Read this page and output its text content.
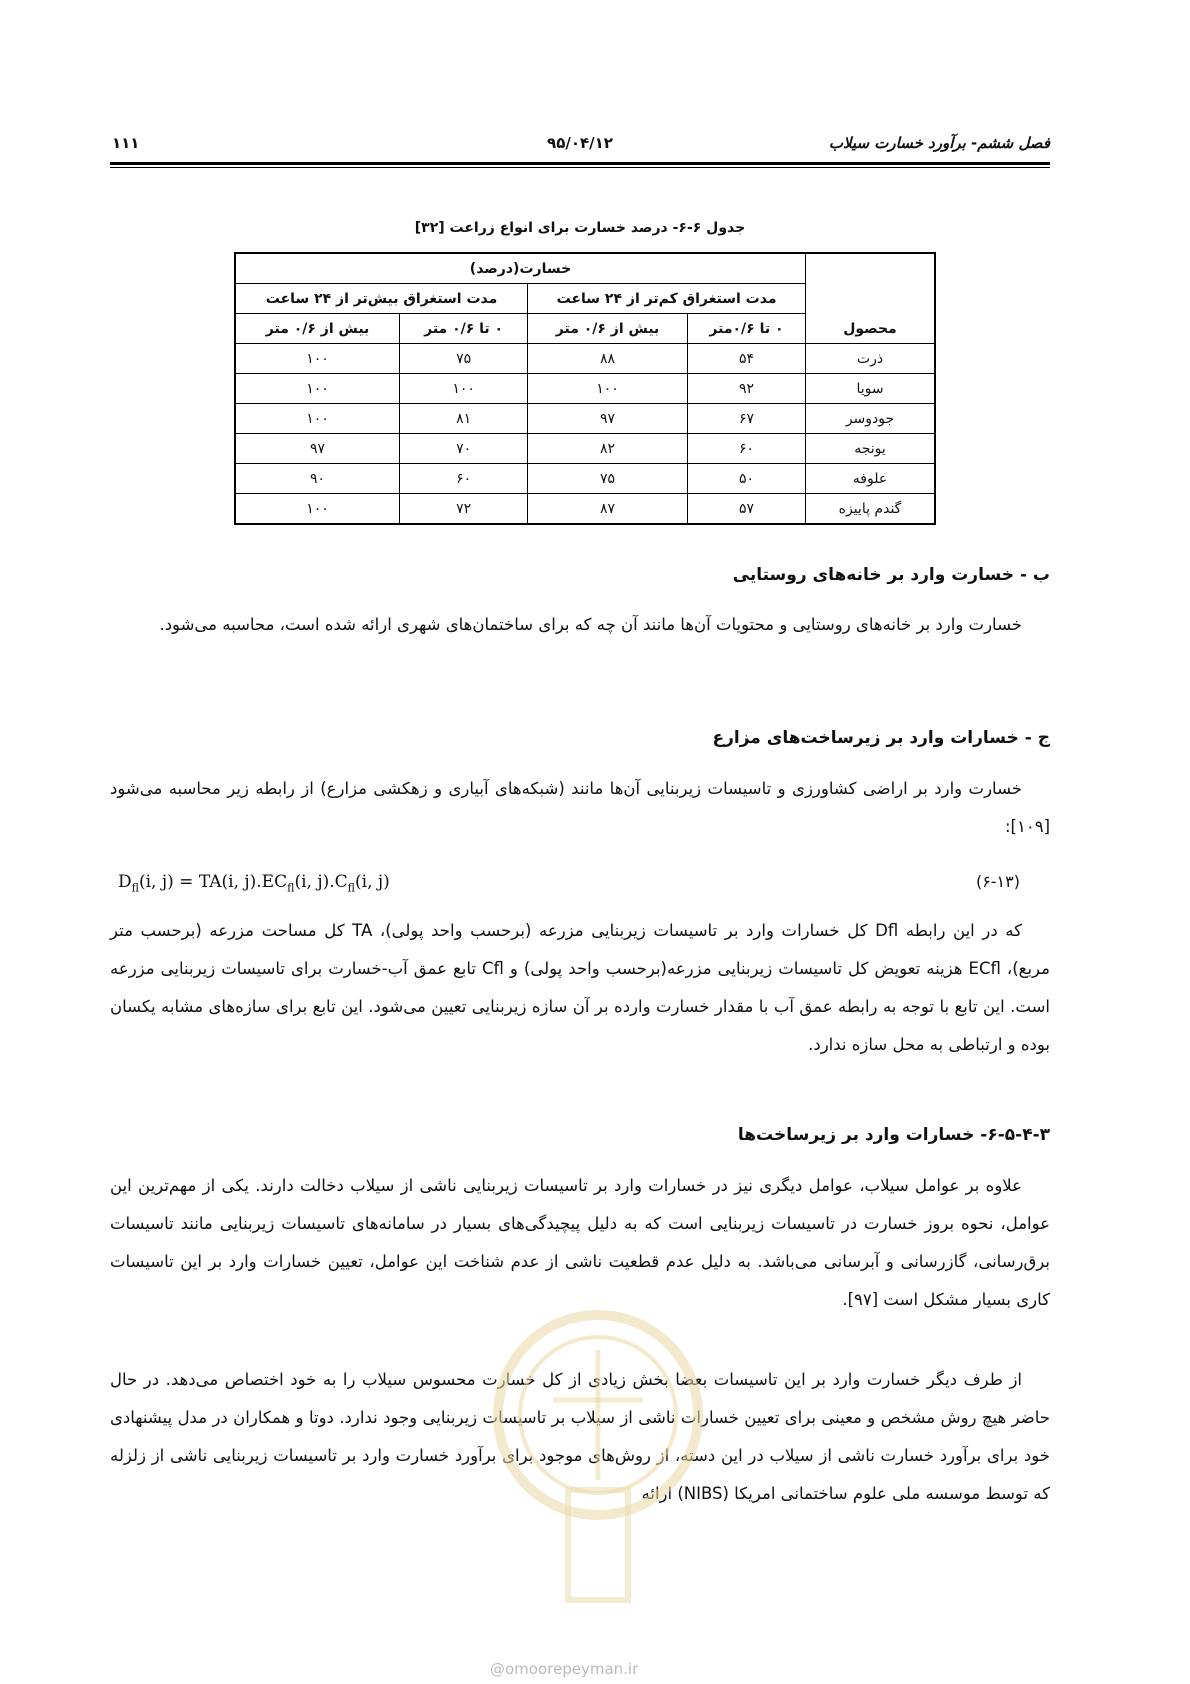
فصل ششم- برآورد خسارت سیلاب
۹۵/۰۴/۱۲
۱۱۱
جدول ۶-۶- درصد خسارت برای انواع زراعت [۳۲]
محصول	خسارت(درصد)			
	مدت استغراق کم‌تر از ۲۴ ساعت		مدت استغراق بیش‌تر از ۲۴ ساعت	
	۰ تا ۰/۶متر	بیش از ۰/۶ متر	۰ تا ۰/۶ متر	بیش از ۰/۶ متر
ذرت	۵۴	۸۸	۷۵	۱۰۰
سویا	۹۲	۱۰۰	۱۰۰	۱۰۰
جودوسر	۶۷	۹۷	۸۱	۱۰۰
یونجه	۶۰	۸۲	۷۰	۹۷
علوفه	۵۰	۷۵	۶۰	۹۰
گندم پاییزه	۵۷	۸۷	۷۲	۱۰۰
ب - خسارت وارد بر خانه‌های روستایی
خسارت وارد بر خانه‌های روستایی و محتویات آن‌ها مانند آن چه که برای ساختمان‌های شهری ارائه شده است، محاسبه می‌شود.
ج - خسارات وارد بر زیرساخت‌های مزارع
خسارت وارد بر اراضی کشاورزی و تاسیسات زیربنایی آن‌ها مانند (شبکه‌های آبیاری و زهکشی مزارع) از رابطه زیر محاسبه می‌شود [۱۰۹]:
(۶-۱۳)
$D_{fl}(i$, j) = TA(i, $j).EC_{fl}(i$, $j).C_{fl}(i$, j)
که در این رابطه Dfl کل خسارات وارد بر تاسیسات زیربنایی مزرعه (برحسب واحد پولی)، TA کل مساحت مزرعه (برحسب متر مربع)، ECfl هزینه تعویض کل تاسیسات زیربنایی مزرعه(برحسب واحد پولی) و Cfl تابع عمق آب-خسارت برای تاسیسات زیربنایی مزرعه است. این تابع با توجه به رابطه عمق آب با مقدار خسارت وارده بر آن سازه زیربنایی تعیین می‌شود. این تابع برای سازه‌های مشابه یکسان بوده و ارتباطی به محل سازه ندارد.
۶-۵-۴-۳- خسارات وارد بر زیرساخت‌ها
علاوه بر عوامل سیلاب، عوامل دیگری نیز در خسارات وارد بر تاسیسات زیربنایی ناشی از سیلاب دخالت دارند. یکی از مهم‌ترین این عوامل، نحوه بروز خسارت در تاسیسات زیربنایی است که به دلیل پیچیدگی‌های بسیار در سامانه‌های تاسیسات زیربنایی مانند تاسیسات برق‌رسانی، گازرسانی و آبرسانی می‌باشد. به دلیل عدم قطعیت ناشی از عدم شناخت این عوامل، تعیین خسارات وارد بر این تاسیسات کاری بسیار مشکل است [۹۷].
از طرف دیگر خسارت وارد بر این تاسیسات بعضا بخش زیادی از کل خسارت محسوس سیلاب را به خود اختصاص می‌دهد. در حال حاضر هیچ روش مشخص و معینی برای تعیین خسارات ناشی از سیلاب بر تاسیسات زیربنایی وجود ندارد. دوتا و همکاران در مدل پیشنهادی خود برای برآورد خسارت ناشی از سیلاب در این دسته، از روش‌های موجود برای برآورد خسارت وارد بر تاسیسات زیربنایی ناشی از زلزله که توسط موسسه ملی علوم ساختمانی امریکا (NIBS) ارائه
@omoorepeyman.ir
